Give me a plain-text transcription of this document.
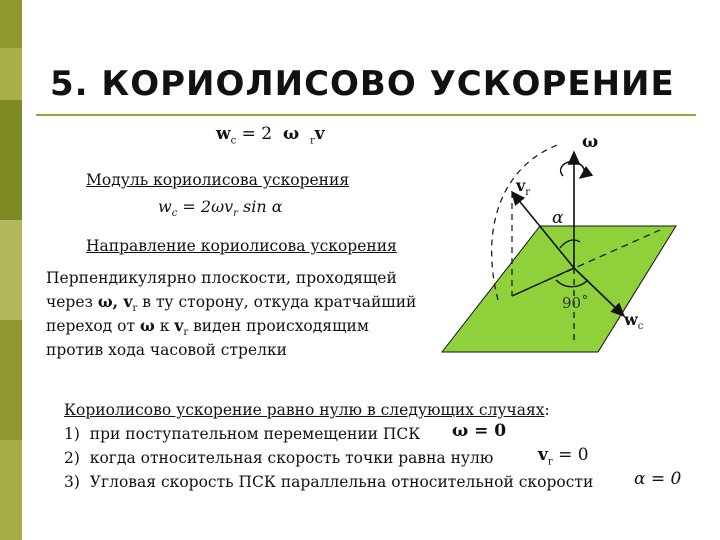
5. КОРИОЛИСОВО УСКОРЕНИЕ
$w_c = 2$ ω $_r$v
Модуль кориолисова ускорения
$w_c = 2\omega v_r$ sin α
Направление кориолисова ускорения
Перпендикулярно плоскости, проходящей
через ω, $v_r$ в ту сторону, откуда кратчайший
переход от ω к $v_r$ виден происходящим
против хода часовой стрелки
Кориолисово ускорение равно нулю в следующих случаях:
1) при поступательном перемещении ПСК ω = 0
2) когда относительная скорость точки равна нулю	$v_r = 0$
3) Угловая скорость ПСК параллельна относительной скорости α = 0
ω
$v_r$
α
90˚
$w_c$
